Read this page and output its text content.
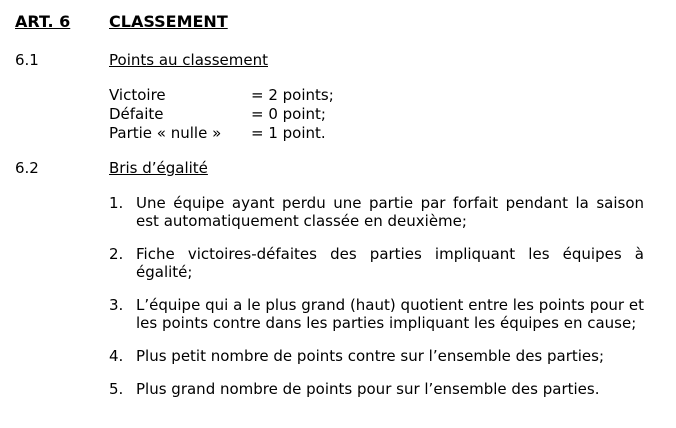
ART. 6 CLASSEMENT
6.1	Points au classement
Victoire	= 2 points;
Défaite	= 0 point;
Partie « nulle » = 1 point.
6.2	Bris d’égalité
1. Une équipe ayant perdu une partie par forfait pendant la saison est automatiquement classée en deuxième;
2. Fiche victoires-défaites des parties impliquant les équipes à égalité;
3. L’équipe qui a le plus grand (haut) quotient entre les points pour et les points contre dans les parties impliquant les équipes en cause;
4. Plus petit nombre de points contre sur l’ensemble des parties;
5. Plus grand nombre de points pour sur l’ensemble des parties.
